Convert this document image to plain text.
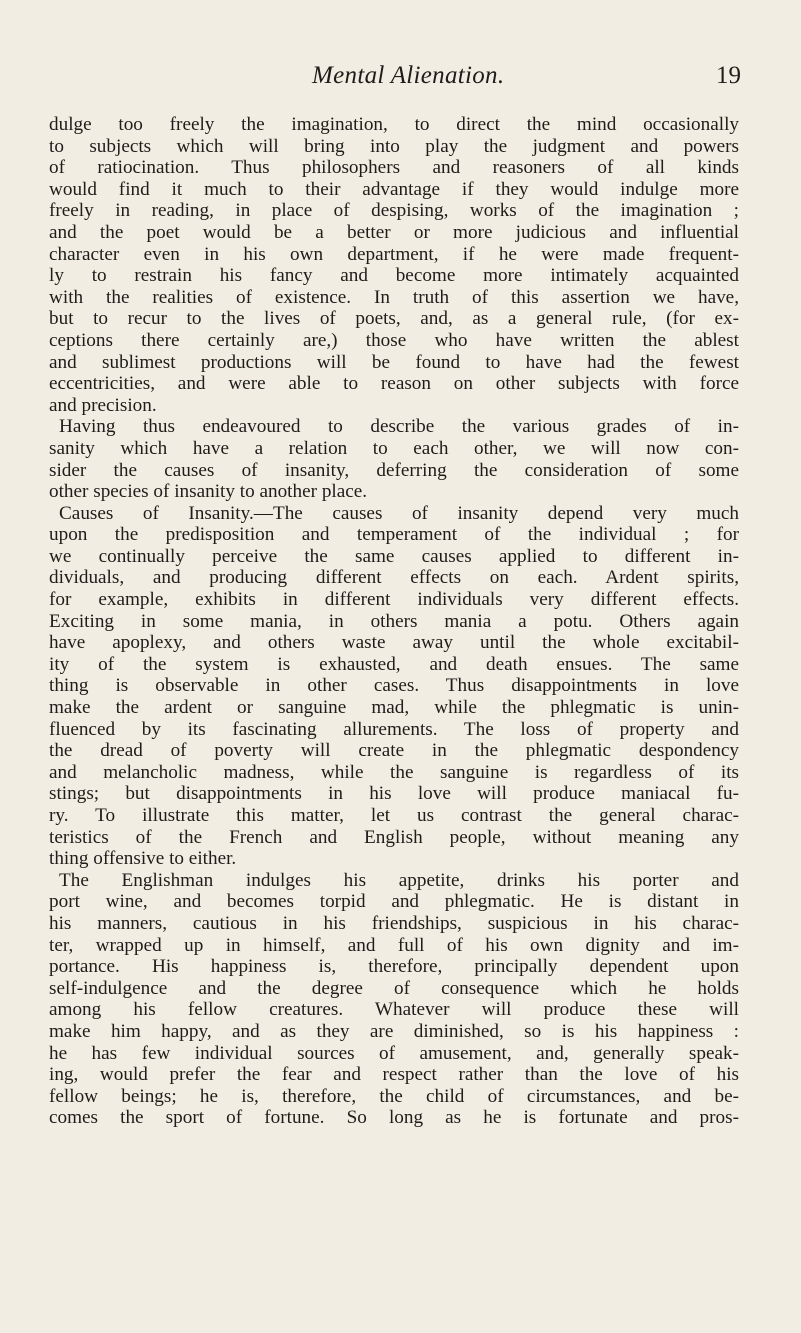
Mental Alienation.	19
dulge too freely the imagination, to direct the mind occasionally
to subjects which will bring into play the judgment and powers
of ratiocination. Thus philosophers and reasoners of all kinds
would find it much to their advantage if they would indulge more
freely in reading, in place of despising, works of the imagination ;
and the poet would be a better or more judicious and influential
character even in his own department, if he were made frequent-
ly to restrain his fancy and become more intimately acquainted
with the realities of existence. In truth of this assertion we have,
but to recur to the lives of poets, and, as a general rule, (for ex-
ceptions there certainly are,) those who have written the ablest
and sublimest productions will be found to have had the fewest
eccentricities, and were able to reason on other subjects with force
and precision.
Having thus endeavoured to describe the various grades of in-
sanity which have a relation to each other, we will now con-
sider the causes of insanity, deferring the consideration of some
other species of insanity to another place.
Causes of Insanity.—The causes of insanity depend very much
upon the predisposition and temperament of the individual ; for
we continually perceive the same causes applied to different in-
dividuals, and producing different effects on each. Ardent spirits,
for example, exhibits in different individuals very different effects.
Exciting in some mania, in others mania a potu. Others again
have apoplexy, and others waste away until the whole excitabil-
ity of the system is exhausted, and death ensues. The same
thing is observable in other cases. Thus disappointments in love
make the ardent or sanguine mad, while the phlegmatic is unin-
fluenced by its fascinating allurements. The loss of property and
the dread of poverty will create in the phlegmatic despondency
and melancholic madness, while the sanguine is regardless of its
stings; but disappointments in his love will produce maniacal fu-
ry. To illustrate this matter, let us contrast the general charac-
teristics of the French and English people, without meaning any
thing offensive to either.
The Englishman indulges his appetite, drinks his porter and
port wine, and becomes torpid and phlegmatic. He is distant in
his manners, cautious in his friendships, suspicious in his charac-
ter, wrapped up in himself, and full of his own dignity and im-
portance. His happiness is, therefore, principally dependent upon
self-indulgence and the degree of consequence which he holds
among his fellow creatures. Whatever will produce these will
make him happy, and as they are diminished, so is his happiness :
he has few individual sources of amusement, and, generally speak-
ing, would prefer the fear and respect rather than the love of his
fellow beings; he is, therefore, the child of circumstances, and be-
comes the sport of fortune. So long as he is fortunate and pros-
